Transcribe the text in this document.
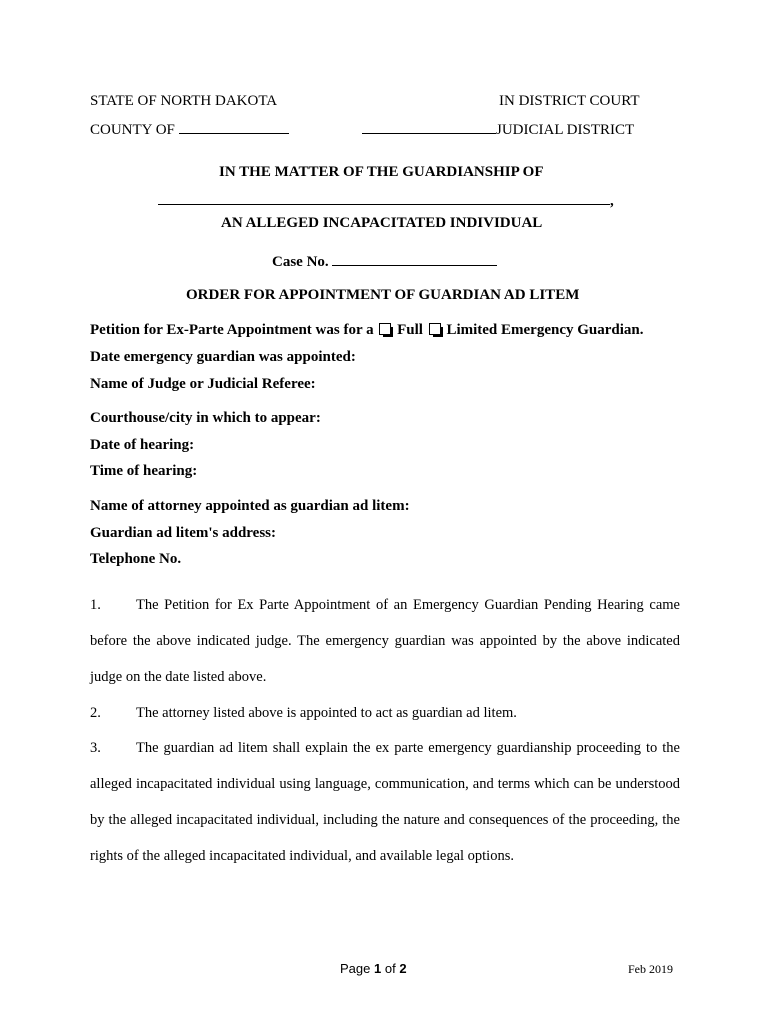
STATE OF NORTH DAKOTA	IN DISTRICT COURT
COUNTY OF	JUDICIAL DISTRICT
IN THE MATTER OF THE GUARDIANSHIP OF
,
AN ALLEGED INCAPACITATED INDIVIDUAL
Case No.
ORDER FOR APPOINTMENT OF GUARDIAN AD LITEM
Petition for Ex-Parte Appointment was for a Full Limited Emergency Guardian.
Date emergency guardian was appointed:
Name of Judge or Judicial Referee:
Courthouse/city in which to appear:
Date of hearing:
Time of hearing:
Name of attorney appointed as guardian ad litem:
Guardian ad litem's address:
Telephone No.
1. The Petition for Ex Parte Appointment of an Emergency Guardian Pending Hearing came before the above indicated judge. The emergency guardian was appointed by the above indicated judge on the date listed above.
2. The attorney listed above is appointed to act as guardian ad litem.
3. The guardian ad litem shall explain the ex parte emergency guardianship proceeding to the alleged incapacitated individual using language, communication, and terms which can be understood by the alleged incapacitated individual, including the nature and consequences of the proceeding, the rights of the alleged incapacitated individual, and available legal options.
Page 1 of 2	Feb 2019
